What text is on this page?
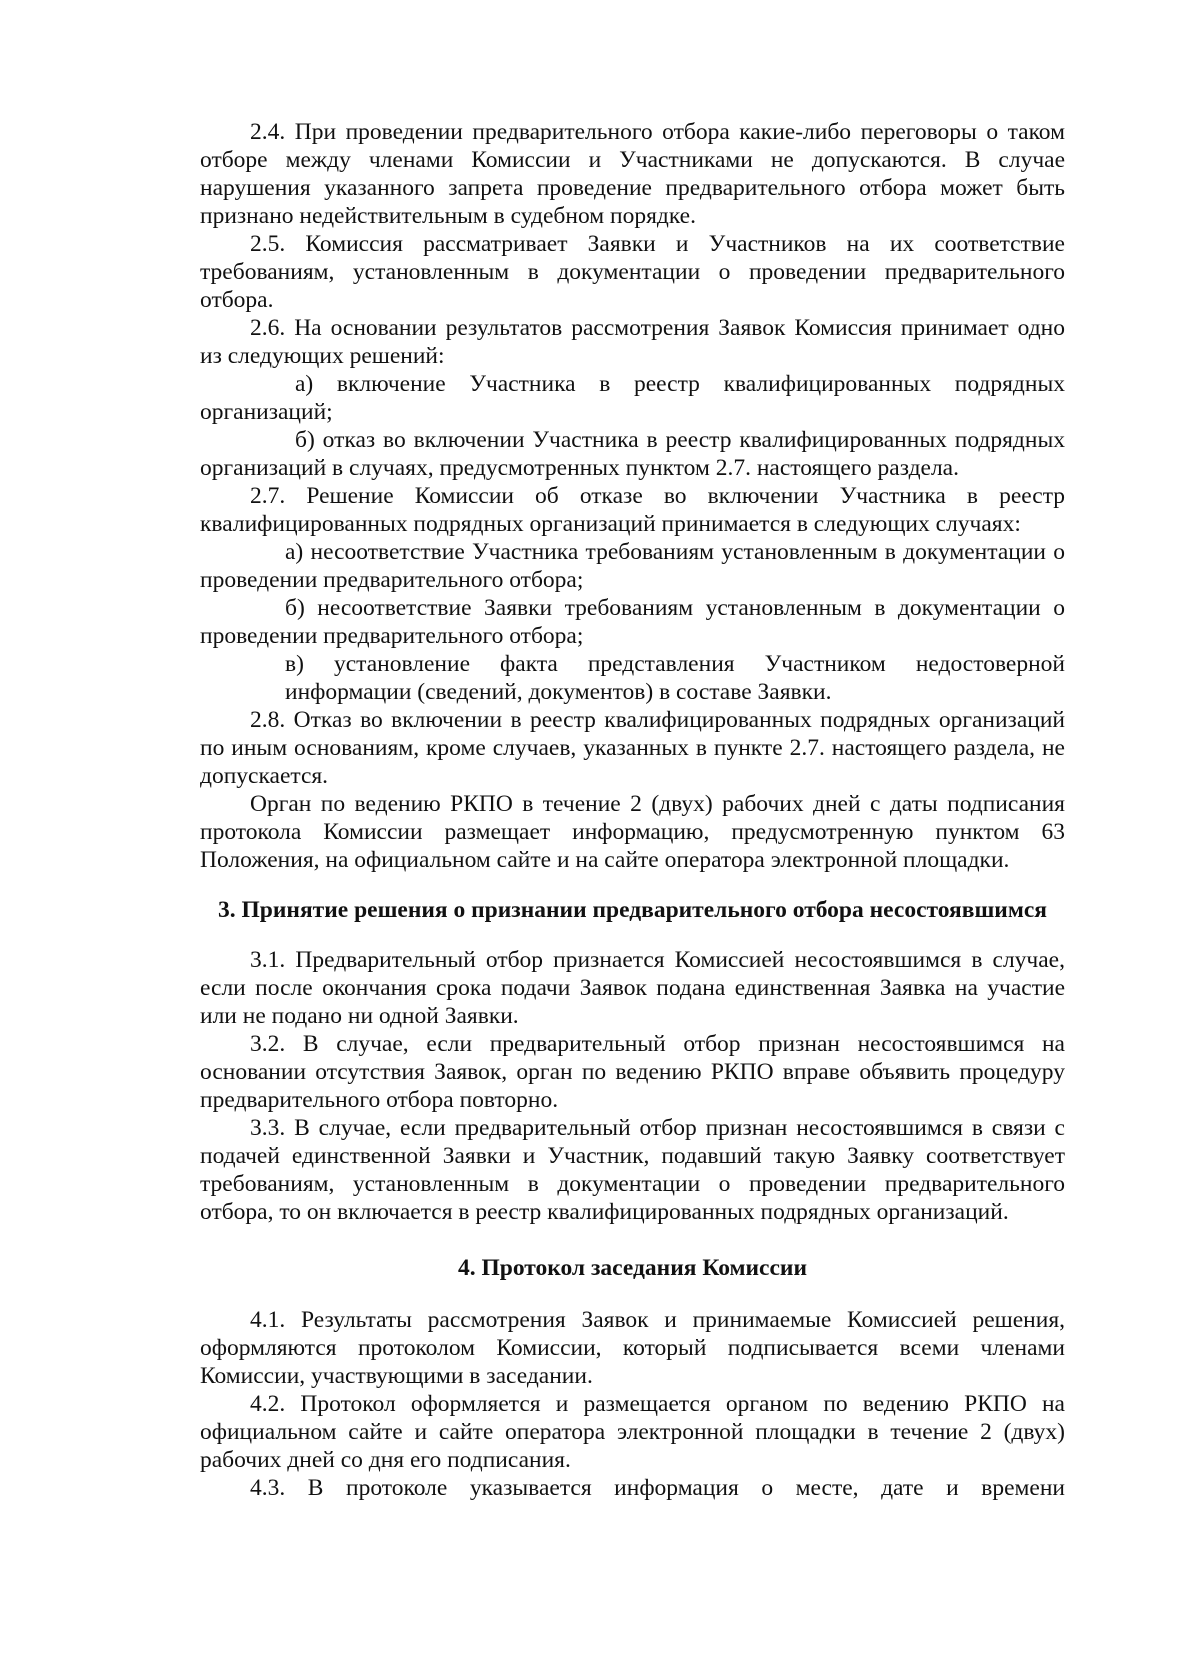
2.4. При проведении предварительного отбора какие-либо переговоры о таком отборе между членами Комиссии и Участниками не допускаются. В случае нарушения указанного запрета проведение предварительного отбора может быть признано недействительным в судебном порядке.

2.5. Комиссия рассматривает Заявки и Участников на их соответствие требованиям, установленным в документации о проведении предварительного отбора.

2.6. На основании результатов рассмотрения Заявок Комиссия принимает одно из следующих решений:

а) включение Участника в реестр квалифицированных подрядных организаций;

б) отказ во включении Участника в реестр квалифицированных подрядных организаций в случаях, предусмотренных пунктом 2.7. настоящего раздела.

2.7. Решение Комиссии об отказе во включении Участника в реестр квалифицированных подрядных организаций принимается в следующих случаях:

а) несоответствие Участника требованиям установленным в документации о проведении предварительного отбора;

б) несоответствие Заявки требованиям установленным в документации о проведении предварительного отбора;

в) установление факта представления Участником недостоверной информации (сведений, документов) в составе Заявки.

2.8. Отказ во включении в реестр квалифицированных подрядных организаций по иным основаниям, кроме случаев, указанных в пункте 2.7. настоящего раздела, не допускается.

Орган по ведению РКПО в течение 2 (двух) рабочих дней с даты подписания протокола Комиссии размещает информацию, предусмотренную пунктом 63 Положения, на официальном сайте и на сайте оператора электронной площадки.

3. Принятие решения о признании предварительного отбора несостоявшимся

3.1. Предварительный отбор признается Комиссией несостоявшимся в случае, если после окончания срока подачи Заявок подана единственная Заявка на участие или не подано ни одной Заявки.

3.2. В случае, если предварительный отбор признан несостоявшимся на основании отсутствия Заявок, орган по ведению РКПО вправе объявить процедуру предварительного отбора повторно.

3.3. В случае, если предварительный отбор признан несостоявшимся в связи с подачей единственной Заявки и Участник, подавший такую Заявку соответствует требованиям, установленным в документации о проведении предварительного отбора, то он включается в реестр квалифицированных подрядных организаций.

4. Протокол заседания Комиссии

4.1. Результаты рассмотрения Заявок и принимаемые Комиссией решения, оформляются протоколом Комиссии, который подписывается всеми членами Комиссии, участвующими в заседании.

4.2. Протокол оформляется и размещается органом по ведению РКПО на официальном сайте и сайте оператора электронной площадки в течение 2 (двух) рабочих дней со дня его подписания.

4.3. В протоколе указывается информация о месте, дате и времени
